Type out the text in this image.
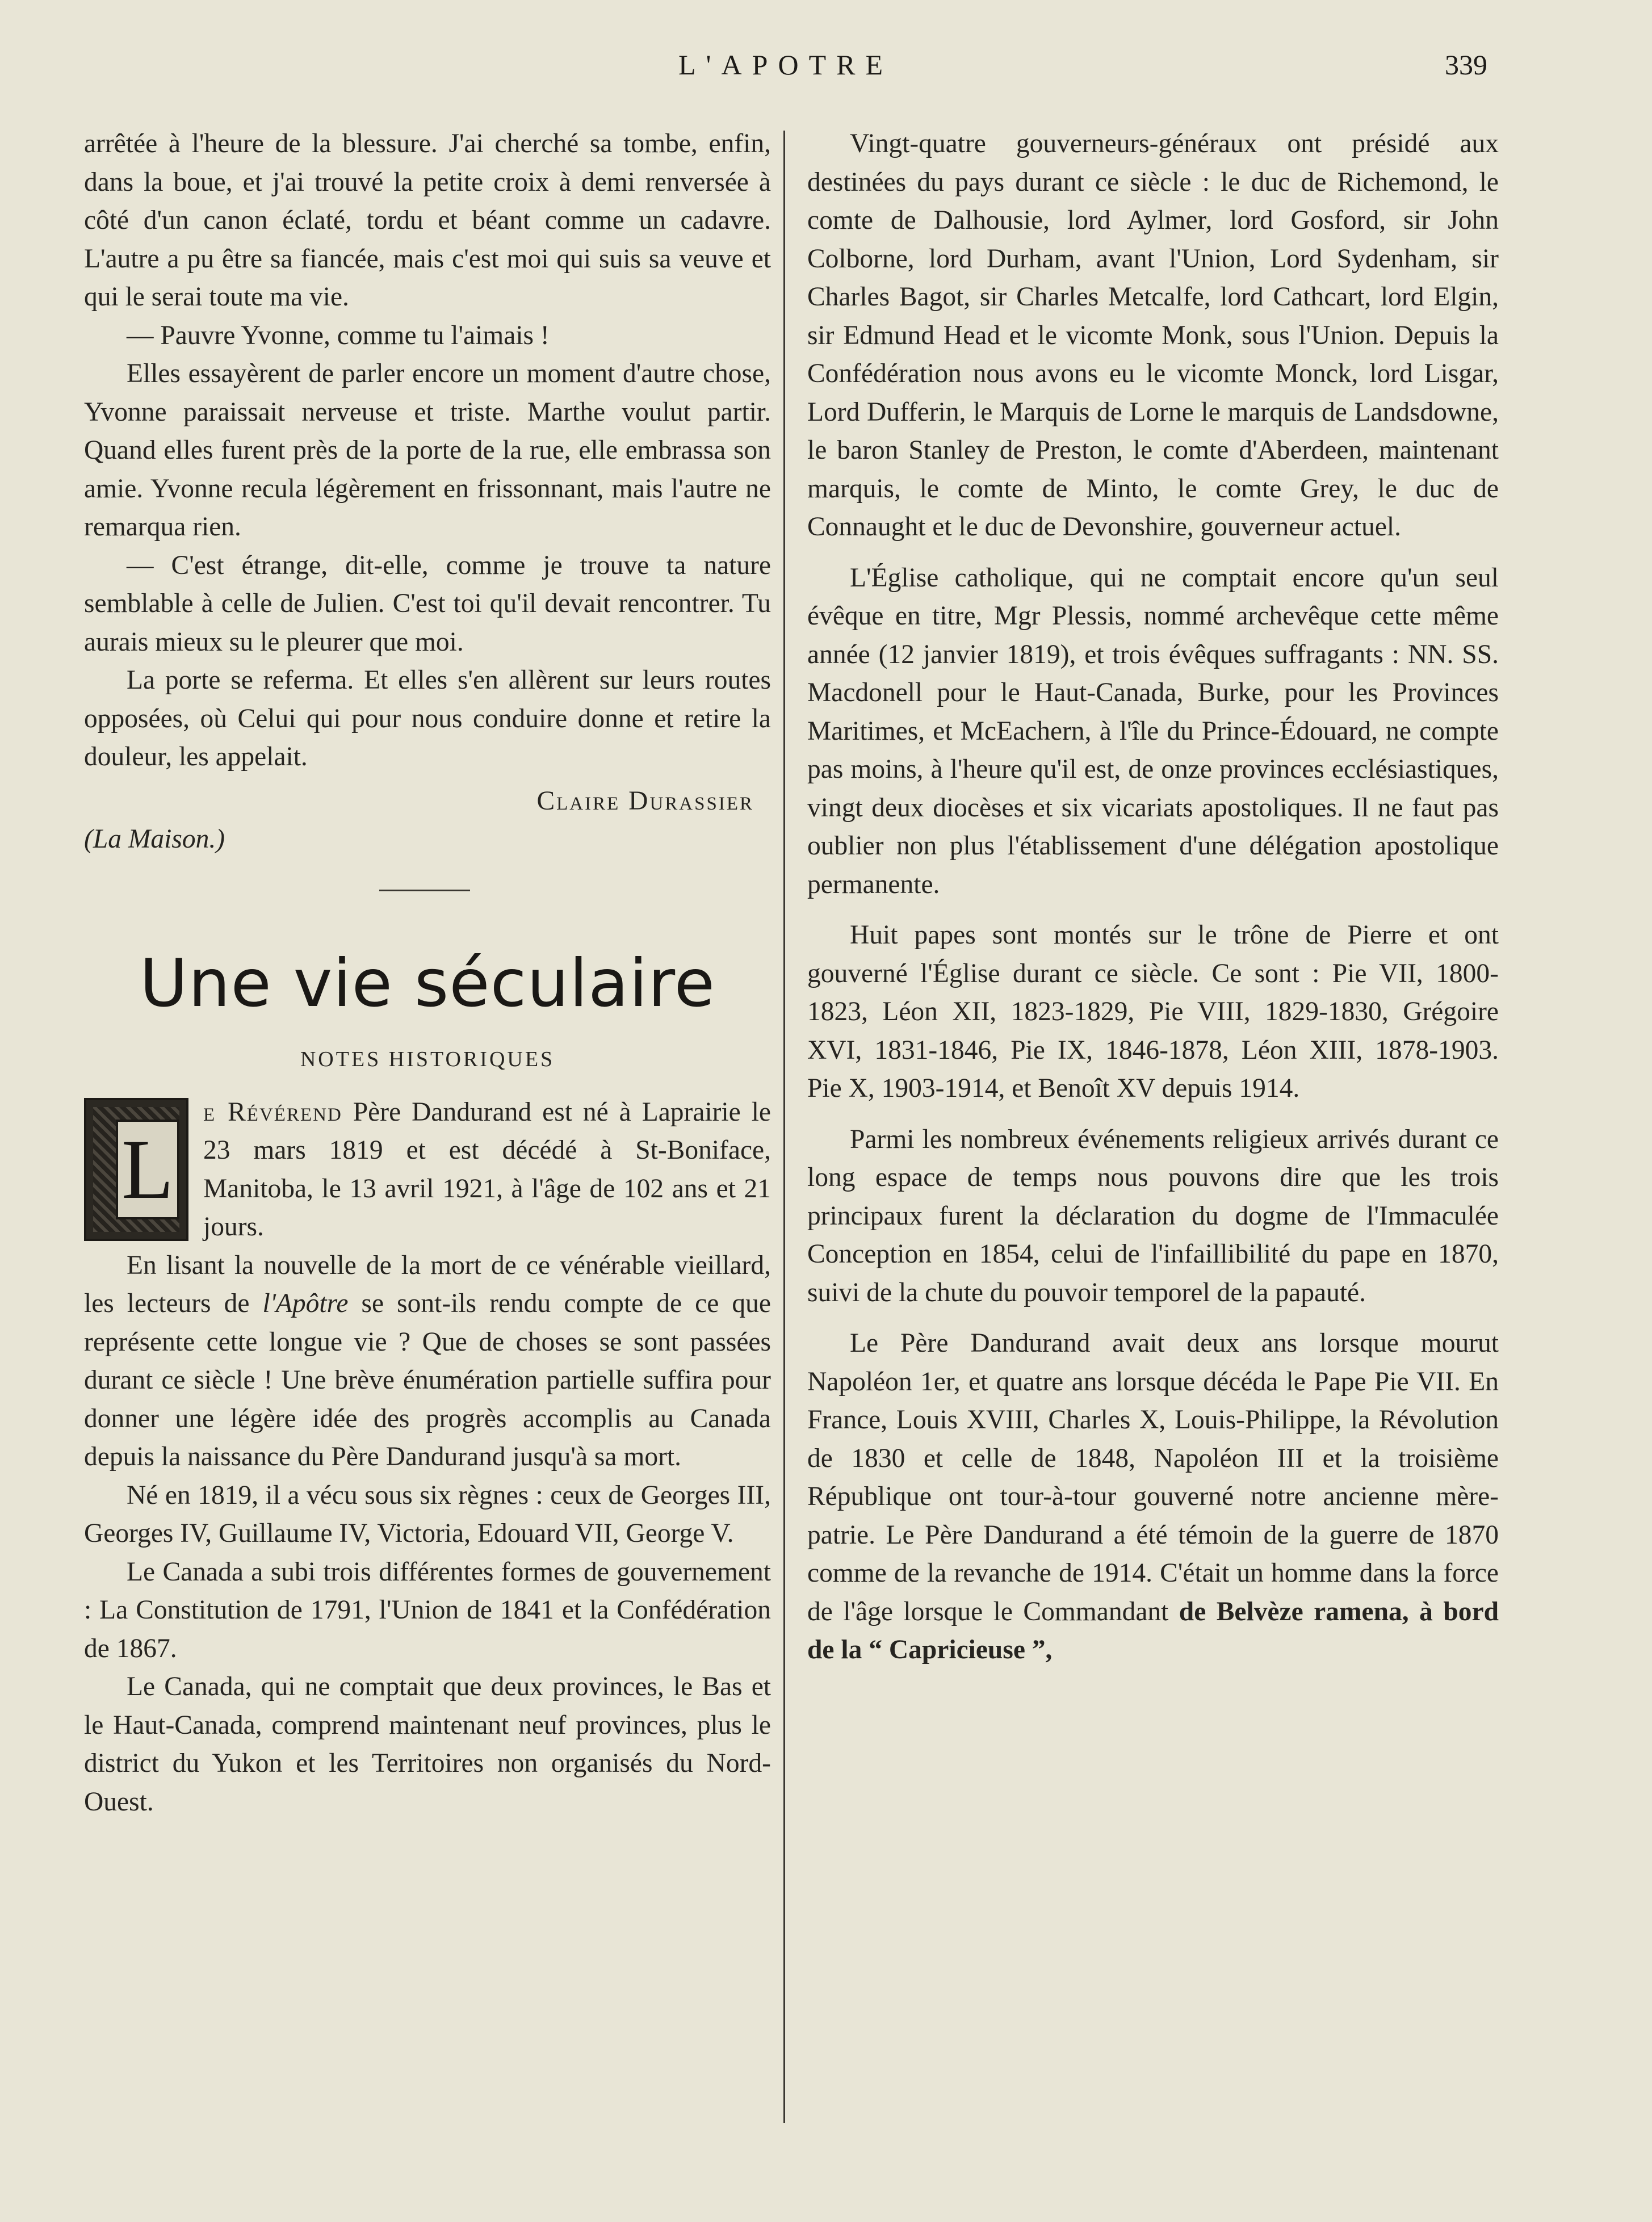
L'APOTRE	339

arrêtée à l'heure de la blessure. J'ai cherché sa tombe, enfin, dans la boue, et j'ai trouvé la petite croix à demi renversée à côté d'un canon éclaté, tordu et béant comme un cadavre. L'autre a pu être sa fiancée, mais c'est moi qui suis sa veuve et qui le serai toute ma vie.

— Pauvre Yvonne, comme tu l'aimais !

Elles essayèrent de parler encore un moment d'autre chose, Yvonne paraissait nerveuse et triste. Marthe voulut partir. Quand elles furent près de la porte de la rue, elle embrassa son amie. Yvonne recula légèrement en frissonnant, mais l'autre ne remarqua rien.

— C'est étrange, dit-elle, comme je trouve ta nature semblable à celle de Julien. C'est toi qu'il devait rencontrer. Tu aurais mieux su le pleurer que moi.

La porte se referma. Et elles s'en allèrent sur leurs routes opposées, où Celui qui pour nous conduire donne et retire la douleur, les appelait.

Claire Durassier

(La Maison.)

Une vie séculaire
NOTES HISTORIQUES
L

e Révérend Père Dandurand est né à Laprairie le 23 mars 1819 et est décédé à St-Boniface, Manitoba, le 13 avril 1921, à l'âge de 102 ans et 21 jours.

En lisant la nouvelle de la mort de ce vénérable vieillard, les lecteurs de l'Apôtre se sont-ils rendu compte de ce que représente cette longue vie ? Que de choses se sont passées durant ce siècle ! Une brève énumération partielle suffira pour donner une légère idée des progrès accomplis au Canada depuis la naissance du Père Dandurand jusqu'à sa mort.

Né en 1819, il a vécu sous six règnes : ceux de Georges III, Georges IV, Guillaume IV, Victoria, Edouard VII, George V.

Le Canada a subi trois différentes formes de gouvernement : La Constitution de 1791, l'Union de 1841 et la Confédération de 1867.

Le Canada, qui ne comptait que deux provinces, le Bas et le Haut-Canada, comprend maintenant neuf provinces, plus le district du Yukon et les Territoires non organisés du Nord-Ouest.

Vingt-quatre gouverneurs-généraux ont présidé aux destinées du pays durant ce siècle : le duc de Richemond, le comte de Dalhousie, lord Aylmer, lord Gosford, sir John Colborne, lord Durham, avant l'Union, Lord Sydenham, sir Charles Bagot, sir Charles Metcalfe, lord Cathcart, lord Elgin, sir Edmund Head et le vicomte Monk, sous l'Union. Depuis la Confédération nous avons eu le vicomte Monck, lord Lisgar, Lord Dufferin, le Marquis de Lorne le marquis de Landsdowne, le baron Stanley de Preston, le comte d'Aberdeen, maintenant marquis, le comte de Minto, le comte Grey, le duc de Connaught et le duc de Devonshire, gouverneur actuel.

L'Église catholique, qui ne comptait encore qu'un seul évêque en titre, Mgr Plessis, nommé archevêque cette même année (12 janvier 1819), et trois évêques suffragants : NN. SS. Macdonell pour le Haut-Canada, Burke, pour les Provinces Maritimes, et McEachern, à l'île du Prince-Édouard, ne compte pas moins, à l'heure qu'il est, de onze provinces ecclésiastiques, vingt deux diocèses et six vicariats apostoliques. Il ne faut pas oublier non plus l'établissement d'une délégation apostolique permanente.

Huit papes sont montés sur le trône de Pierre et ont gouverné l'Église durant ce siècle. Ce sont : Pie VII, 1800-1823, Léon XII, 1823-1829, Pie VIII, 1829-1830, Grégoire XVI, 1831-1846, Pie IX, 1846-1878, Léon XIII, 1878-1903. Pie X, 1903-1914, et Benoît XV depuis 1914.

Parmi les nombreux événements religieux arrivés durant ce long espace de temps nous pouvons dire que les trois principaux furent la déclaration du dogme de l'Immaculée Conception en 1854, celui de l'infaillibilité du pape en 1870, suivi de la chute du pouvoir temporel de la papauté.

Le Père Dandurand avait deux ans lorsque mourut Napoléon 1er, et quatre ans lorsque décéda le Pape Pie VII. En France, Louis XVIII, Charles X, Louis-Philippe, la Révolution de 1830 et celle de 1848, Napoléon III et la troisième République ont tour-à-tour gouverné notre ancienne mère-patrie. Le Père Dandurand a été témoin de la guerre de 1870 comme de la revanche de 1914. C'était un homme dans la force de l'âge lorsque le Commandant de Belvèze ramena, à bord de la “ Capricieuse ”,
